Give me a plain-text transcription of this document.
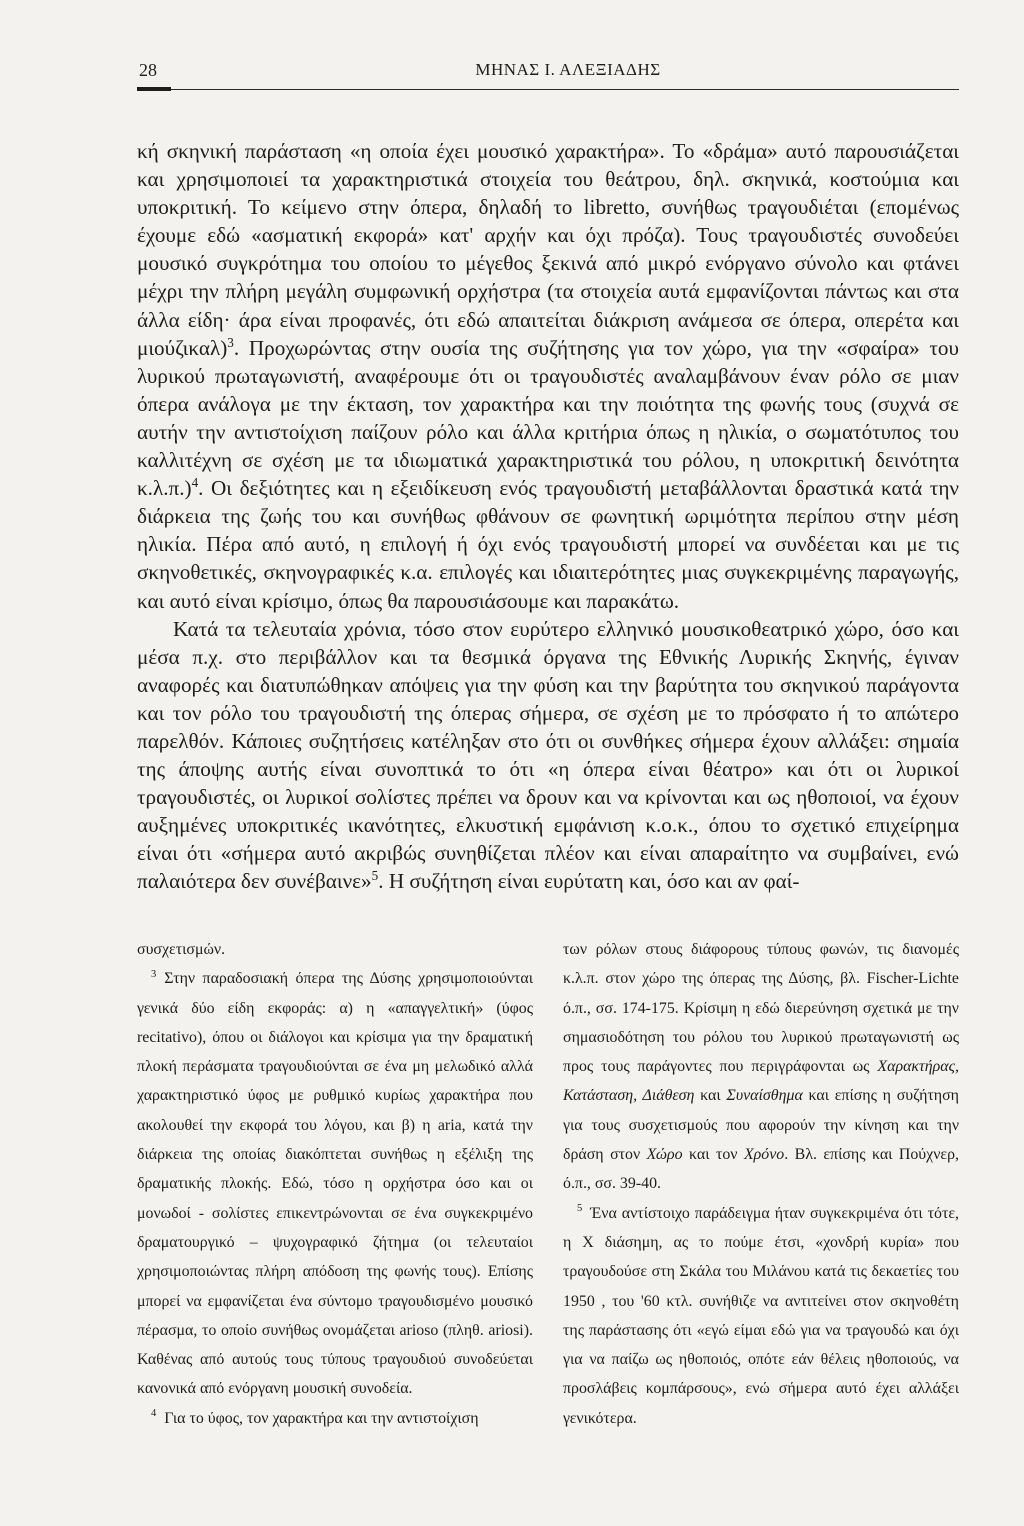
28	ΜΗΝΑΣ Ι. ΑΛΕΞΙΑΔΗΣ

κή σκηνική παράσταση «η οποία έχει μουσικό χαρακτήρα». Το «δράμα» αυτό παρουσιάζεται και χρησιμοποιεί τα χαρακτηριστικά στοιχεία του θεάτρου, δηλ. σκηνικά, κοστούμια και υποκριτική. Το κείμενο στην όπερα, δηλαδή το libretto, συνήθως τραγουδιέται (επομένως έχουμε εδώ «ασματική εκφορά» κατ' αρχήν και όχι πρόζα). Τους τραγουδιστές συνοδεύει μουσικό συγκρότημα του οποίου το μέγεθος ξεκινά από μικρό ενόργανο σύνολο και φτάνει μέχρι την πλήρη μεγάλη συμφωνική ορχήστρα (τα στοιχεία αυτά εμφανίζονται πάντως και στα άλλα είδη· άρα είναι προφανές, ότι εδώ απαιτείται διάκριση ανάμεσα σε όπερα, οπερέτα και μιούζικαλ)$^3$. Προχωρώντας στην ουσία της συζήτησης για τον χώρο, για την «σφαίρα» του λυρικού πρωταγωνιστή, αναφέρουμε ότι οι τραγουδιστές αναλαμβάνουν έναν ρόλο σε μιαν όπερα ανάλογα με την έκταση, τον χαρακτήρα και την ποιότητα της φωνής τους (συχνά σε αυτήν την αντιστοίχιση παίζουν ρόλο και άλλα κριτήρια όπως η ηλικία, ο σωματότυπος του καλλιτέχνη σε σχέση με τα ιδιωματικά χαρακτηριστικά του ρόλου, η υποκριτική δεινότητα κ.λ.π.)$^4$. Οι δεξιότητες και η εξειδίκευση ενός τραγουδιστή μεταβάλλονται δραστικά κατά την διάρκεια της ζωής του και συνήθως φθάνουν σε φωνητική ωριμότητα περίπου στην μέση ηλικία. Πέρα από αυτό, η επιλογή ή όχι ενός τραγουδιστή μπορεί να συνδέεται και με τις σκηνοθετικές, σκηνογραφικές κ.α. επιλογές και ιδιαιτερότητες μιας συγκεκριμένης παραγωγής, και αυτό είναι κρίσιμο, όπως θα παρουσιάσουμε και παρακάτω.

Κατά τα τελευταία χρόνια, τόσο στον ευρύτερο ελληνικό μουσικοθεατρικό χώρο, όσο και μέσα π.χ. στο περιβάλλον και τα θεσμικά όργανα της Εθνικής Λυρικής Σκηνής, έγιναν αναφορές και διατυπώθηκαν απόψεις για την φύση και την βαρύτητα του σκηνικού παράγοντα και τον ρόλο του τραγουδιστή της όπερας σήμερα, σε σχέση με το πρόσφατο ή το απώτερο παρελθόν. Κάποιες συζητήσεις κατέληξαν στο ότι οι συνθήκες σήμερα έχουν αλλάξει: σημαία της άποψης αυτής είναι συνοπτικά το ότι «η όπερα είναι θέατρο» και ότι οι λυρικοί τραγουδιστές, οι λυρικοί σολίστες πρέπει να δρουν και να κρίνονται και ως ηθοποιοί, να έχουν αυξημένες υποκριτικές ικανότητες, ελκυστική εμφάνιση κ.ο.κ., όπου το σχετικό επιχείρημα είναι ότι «σήμερα αυτό ακριβώς συνηθίζεται πλέον και είναι απαραίτητο να συμβαίνει, ενώ παλαιότερα δεν συνέβαινε»$^5$. Η συζήτηση είναι ευρύτατη και, όσο και αν φαί-

συσχετισμών.

$^3$ Στην παραδοσιακή όπερα της Δύσης χρησιμοποιούνται γενικά δύο είδη εκφοράς: α) η «απαγγελτική» (ύφος recitativo), όπου οι διάλογοι και κρίσιμα για την δραματική πλοκή περάσματα τραγουδιούνται σε ένα μη μελωδικό αλλά χαρακτηριστικό ύφος με ρυθμικό κυρίως χαρακτήρα που ακολουθεί την εκφορά του λόγου, και β) η aria, κατά την διάρκεια της οποίας διακόπτεται συνήθως η εξέλιξη της δραματικής πλοκής. Εδώ, τόσο η ορχήστρα όσο και οι μονωδοί - σολίστες επικεντρώνονται σε ένα συγκεκριμένο δραματουργικό – ψυχογραφικό ζήτημα (οι τελευταίοι χρησιμοποιώντας πλήρη απόδοση της φωνής τους). Επίσης μπορεί να εμφανίζεται ένα σύντομο τραγουδισμένο μουσικό πέρασμα, το οποίο συνήθως ονομάζεται arioso (πληθ. ariosi). Καθένας από αυτούς τους τύπους τραγουδιού συνοδεύεται κανονικά από ενόργανη μουσική συνοδεία.

$^4$ Για το ύφος, τον χαρακτήρα και την αντιστοίχιση

των ρόλων στους διάφορους τύπους φωνών, τις διανομές κ.λ.π. στον χώρο της όπερας της Δύσης, βλ. Fischer-Lichte ό.π., σσ. 174-175. Κρίσιμη η εδώ διερεύνηση σχετικά με την σημασιοδότηση του ρόλου του λυρικού πρωταγωνιστή ως προς τους παράγοντες που περιγράφονται ως Χαρακτήρας, Κατάσταση, Διάθεση και Συναίσθημα και επίσης η συζήτηση για τους συσχετισμούς που αφορούν την κίνηση και την δράση στον Χώρο και τον Χρόνο. Βλ. επίσης και Πούχνερ, ό.π., σσ. 39-40.

$^5$ Ένα αντίστοιχο παράδειγμα ήταν συγκεκριμένα ότι τότε, η Χ διάσημη, ας το πούμε έτσι, «χονδρή κυρία» που τραγουδούσε στη Σκάλα του Μιλάνου κατά τις δεκαετίες του 1950 , του '60 κτλ. συνήθιζε να αντιτείνει στον σκηνοθέτη της παράστασης ότι «εγώ είμαι εδώ για να τραγουδώ και όχι για να παίζω ως ηθοποιός, οπότε εάν θέλεις ηθοποιούς, να προσλάβεις κομπάρσους», ενώ σήμερα αυτό έχει αλλάξει γενικότερα.
